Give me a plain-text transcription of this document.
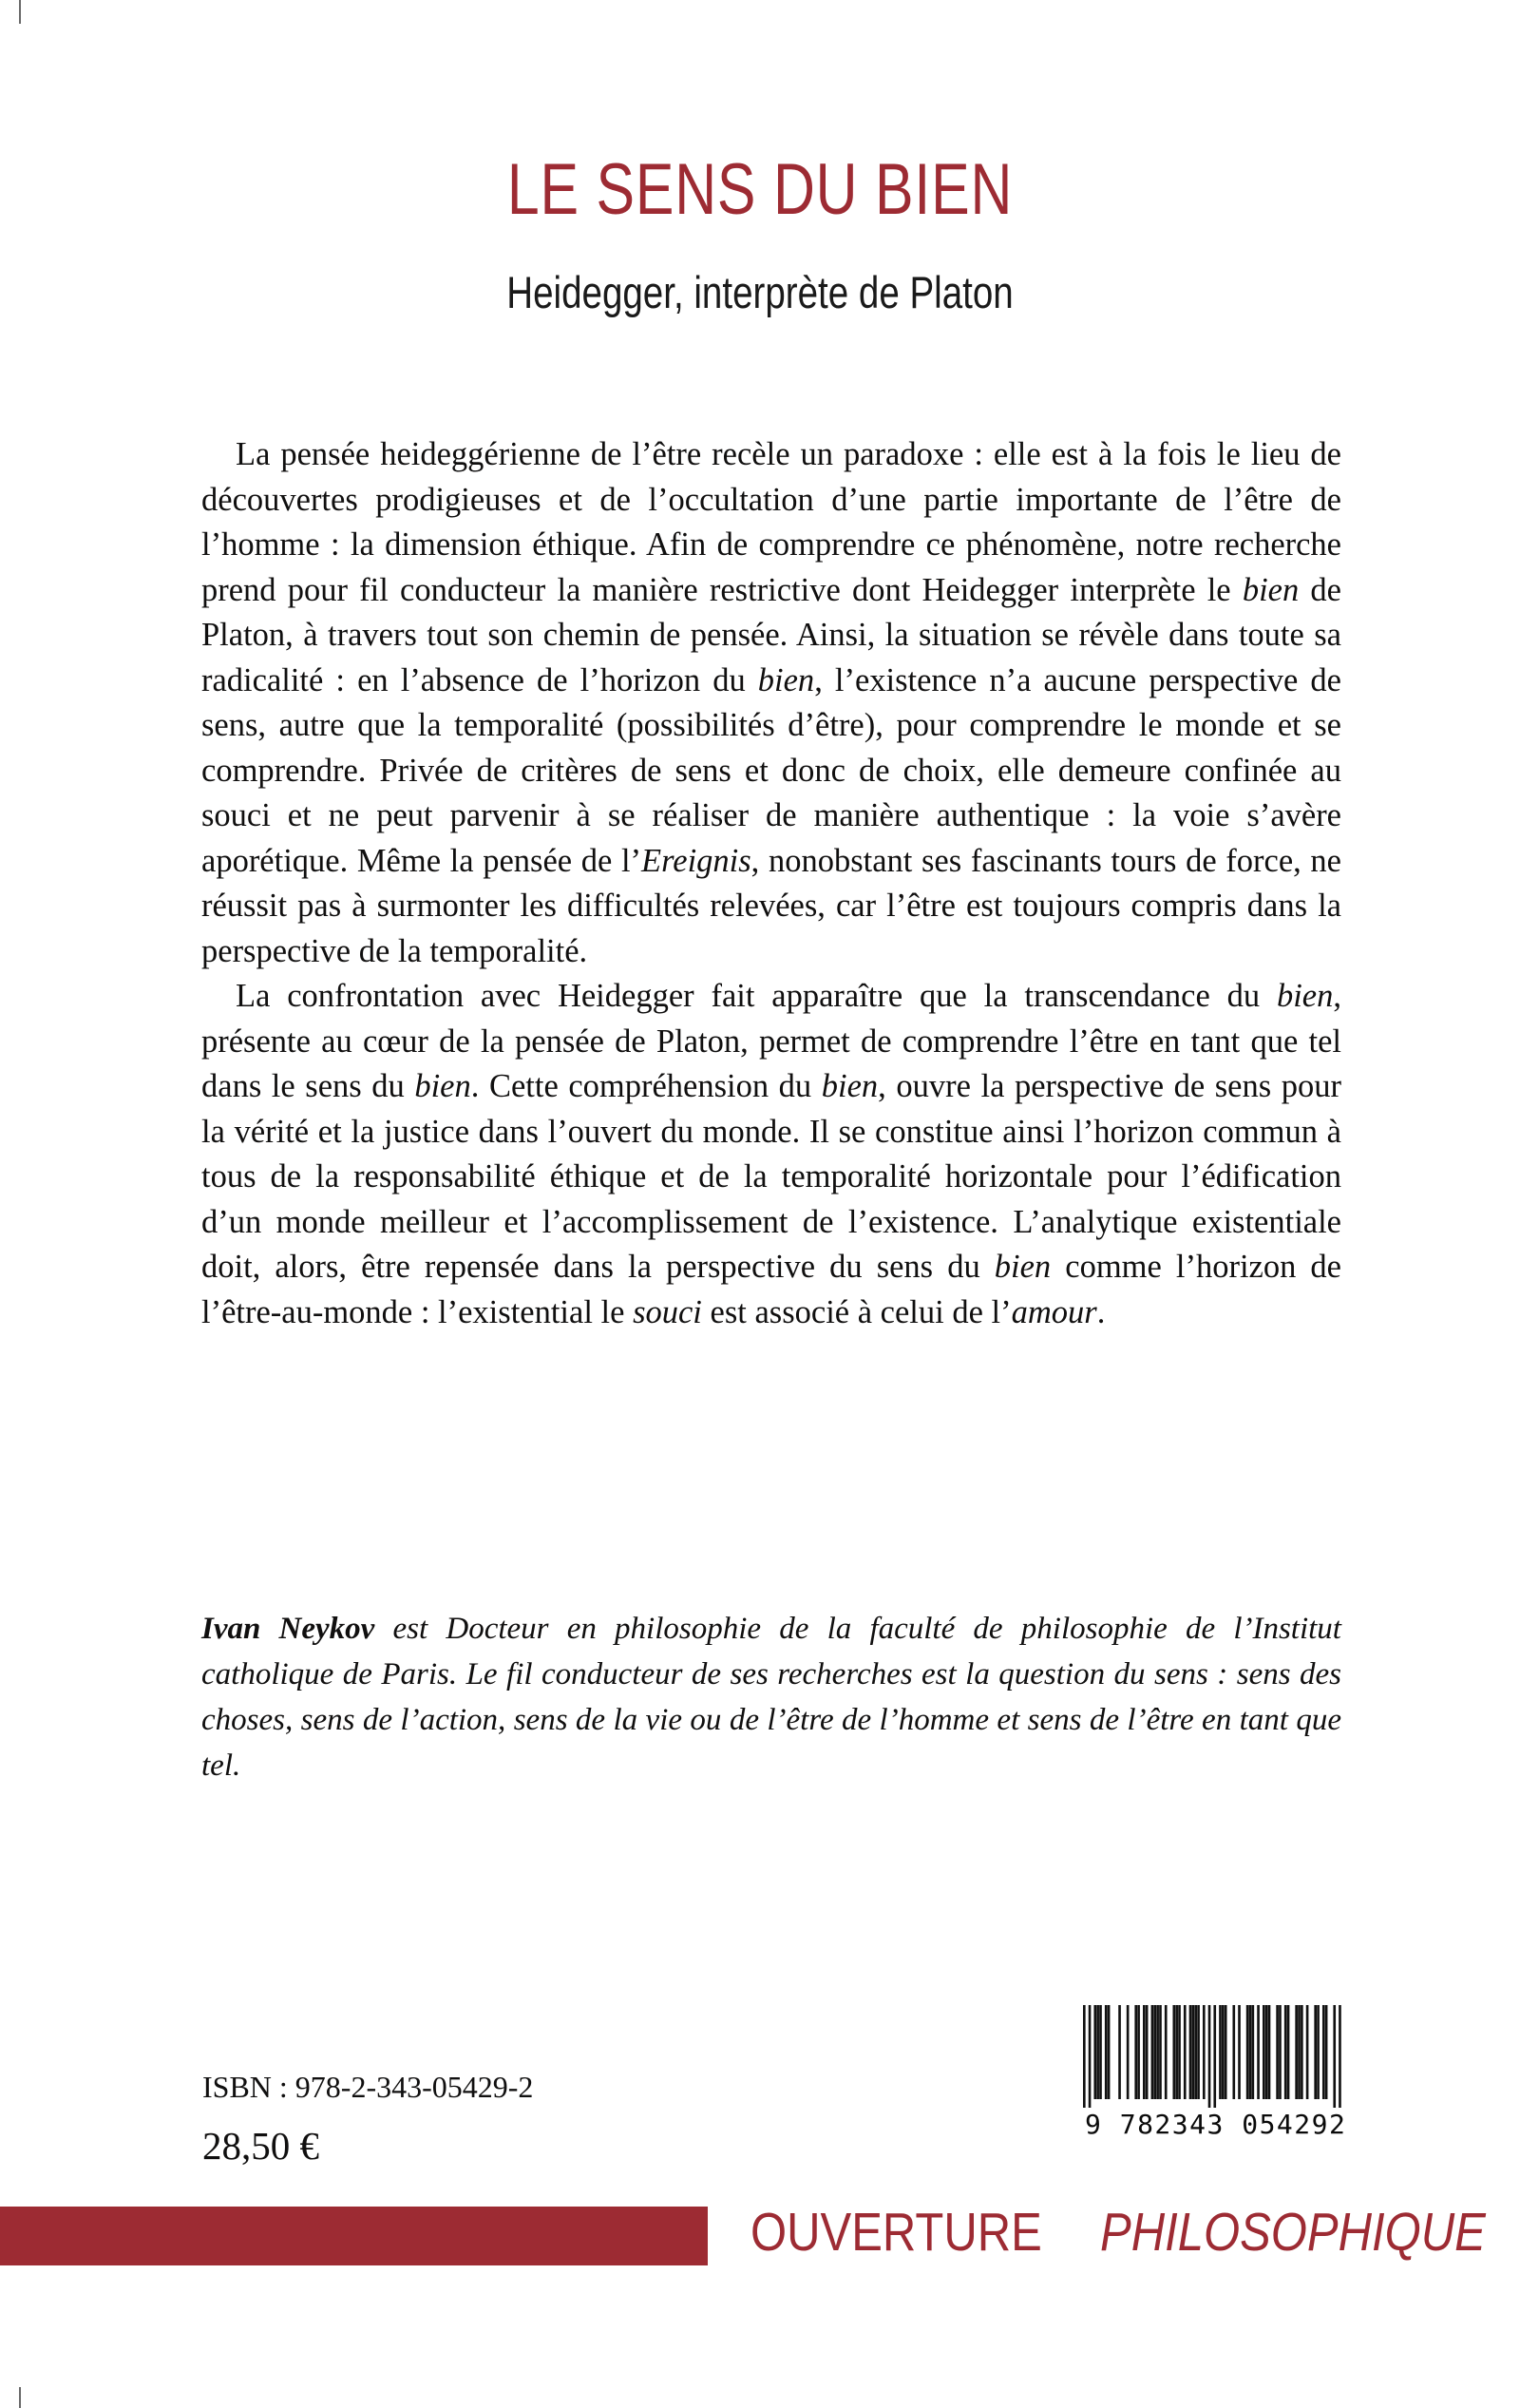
LE SENS DU BIEN
Heidegger, interprète de Platon

La pensée heideggérienne de l’être recèle un paradoxe : elle est à la fois le lieu de découvertes prodigieuses et de l’occultation d’une partie importante de l’être de l’homme : la dimension éthique. Afin de comprendre ce phénomène, notre recherche prend pour fil conducteur la manière restrictive dont Heidegger interprète le bien de Platon, à travers tout son chemin de pensée. Ainsi, la situation se révèle dans toute sa radicalité : en l’absence de l’horizon du bien, l’existence n’a aucune perspective de sens, autre que la temporalité (possibilités d’être), pour comprendre le monde et se comprendre. Privée de critères de sens et donc de choix, elle demeure confinée au souci et ne peut parvenir à se réaliser de manière authentique : la voie s’avère aporétique. Même la pensée de l’Ereignis, nonobstant ses fascinants tours de force, ne réussit pas à surmonter les difficultés relevées, car l’être est toujours compris dans la perspective de la temporalité.

La confrontation avec Heidegger fait apparaître que la transcendance du bien, présente au cœur de la pensée de Platon, permet de comprendre l’être en tant que tel dans le sens du bien. Cette compréhension du bien, ouvre la perspective de sens pour la vérité et la justice dans l’ouvert du monde. Il se constitue ainsi l’horizon commun à tous de la responsabilité éthique et de la temporalité horizontale pour l’édification d’un monde meilleur et l’accomplissement de l’existence. L’analytique existentiale doit, alors, être repensée dans la perspective du sens du bien comme l’horizon de l’être-au-monde : l’existential le souci est associé à celui de l’amour.

Ivan Neykov est Docteur en philosophie de la faculté de philosophie de l’Institut catholique de Paris. Le fil conducteur de ses recherches est la question du sens : sens des choses, sens de l’action, sens de la vie ou de l’être de l’homme et sens de l’être en tant que tel.

ISBN : 978-2-343-05429-2
28,50 €	9 782343 054292
OUVERTURE PHILOSOPHIQUE
